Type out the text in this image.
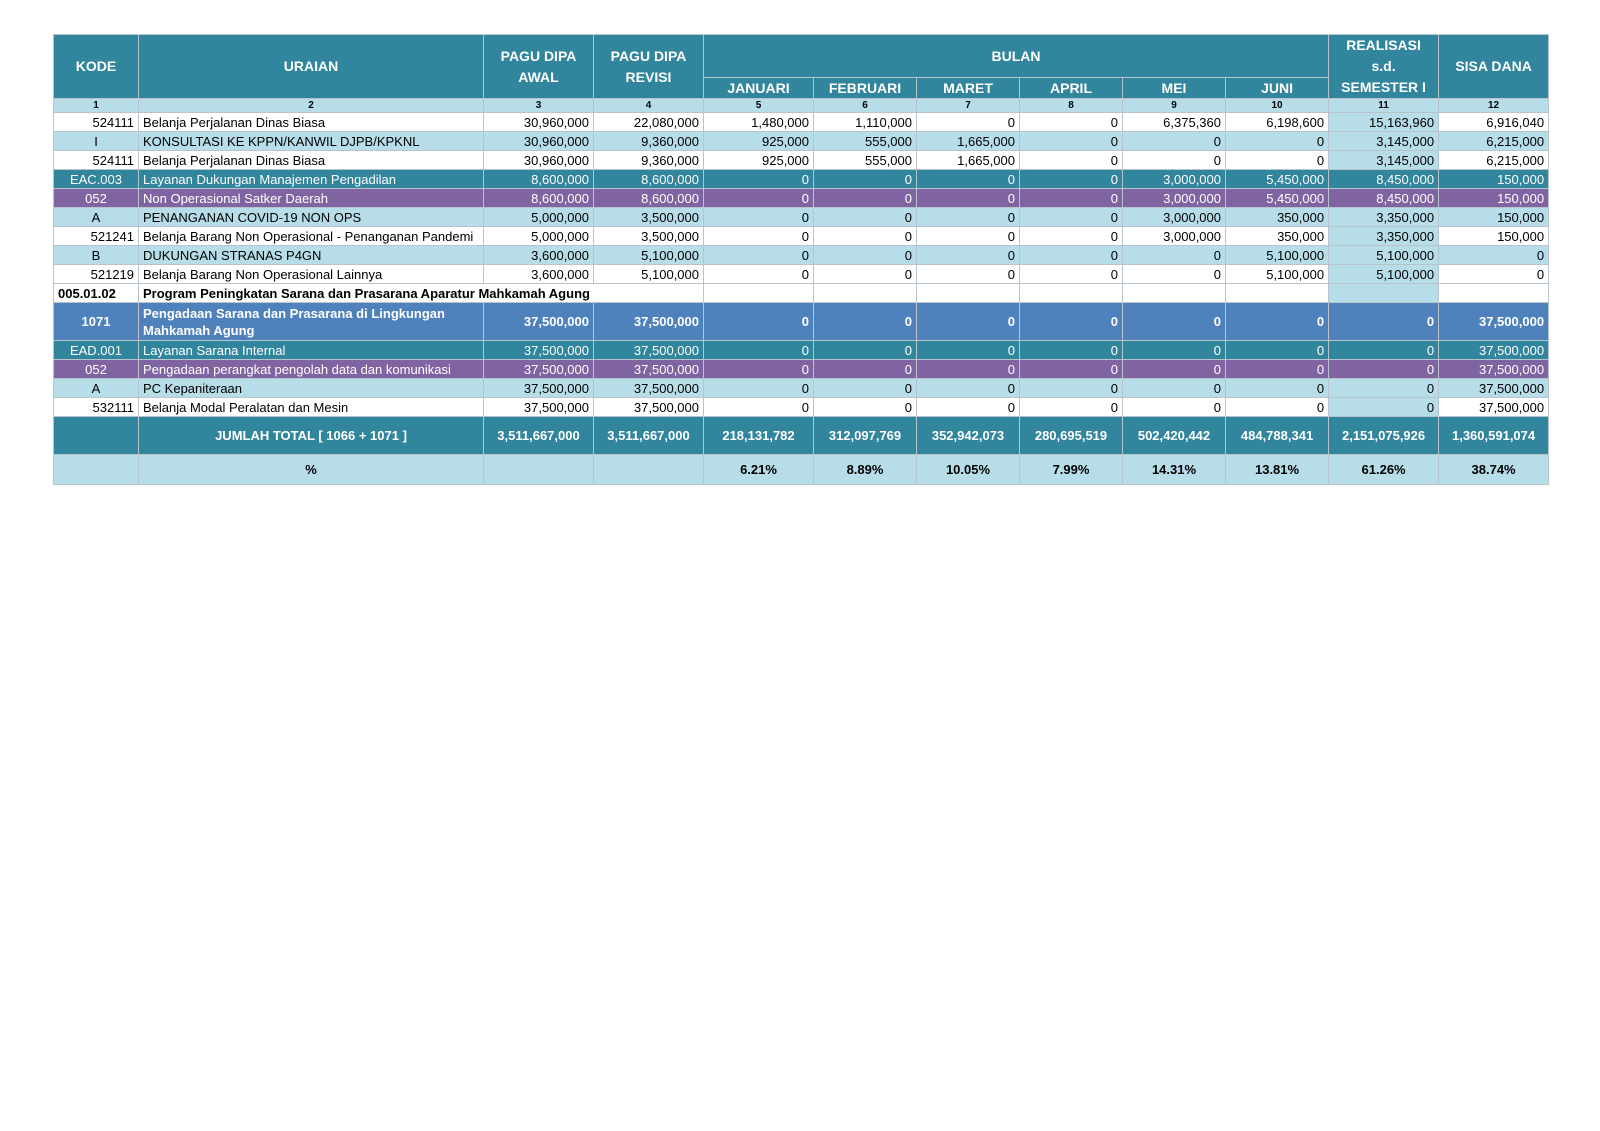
KODE	URAIAN	PAGU DIPA AWAL	PAGU DIPA REVISI	BULAN						REALISASI s.d. SEMESTER I	SISA DANA
				JANUARI	FEBRUARI	MARET	APRIL	MEI	JUNI		
1	2	3	4	5	6	7	8	9	10	11	12
524111	Belanja Perjalanan Dinas Biasa	30,960,000	22,080,000	1,480,000	1,110,000	0	0	6,375,360	6,198,600	15,163,960	6,916,040
I	KONSULTASI KE KPPN/KANWIL DJPB/KPKNL	30,960,000	9,360,000	925,000	555,000	1,665,000	0	0	0	3,145,000	6,215,000
524111	Belanja Perjalanan Dinas Biasa	30,960,000	9,360,000	925,000	555,000	1,665,000	0	0	0	3,145,000	6,215,000
EAC.003	Layanan Dukungan Manajemen Pengadilan	8,600,000	8,600,000	0	0	0	0	3,000,000	5,450,000	8,450,000	150,000
052	Non Operasional Satker Daerah	8,600,000	8,600,000	0	0	0	0	3,000,000	5,450,000	8,450,000	150,000
A	PENANGANAN COVID-19 NON OPS	5,000,000	3,500,000	0	0	0	0	3,000,000	350,000	3,350,000	150,000
521241	Belanja Barang Non Operasional - Penanganan Pandemi	5,000,000	3,500,000	0	0	0	0	3,000,000	350,000	3,350,000	150,000
B	DUKUNGAN STRANAS P4GN	3,600,000	5,100,000	0	0	0	0	0	5,100,000	5,100,000	0
521219	Belanja Barang Non Operasional Lainnya	3,600,000	5,100,000	0	0	0	0	0	5,100,000	5,100,000	0
005.01.02	Program Peningkatan Sarana dan Prasarana Aparatur Mahkamah Agung										
1071	Pengadaan Sarana dan Prasarana di Lingkungan Mahkamah Agung	37,500,000	37,500,000	0	0	0	0	0	0	0	37,500,000
EAD.001	Layanan Sarana Internal	37,500,000	37,500,000	0	0	0	0	0	0	0	37,500,000
052	Pengadaan perangkat pengolah data dan komunikasi	37,500,000	37,500,000	0	0	0	0	0	0	0	37,500,000
A	PC Kepaniteraan	37,500,000	37,500,000	0	0	0	0	0	0	0	37,500,000
532111	Belanja Modal Peralatan dan Mesin	37,500,000	37,500,000	0	0	0	0	0	0	0	37,500,000
	JUMLAH TOTAL [ 1066 + 1071 ]	3,511,667,000	3,511,667,000	218,131,782	312,097,769	352,942,073	280,695,519	502,420,442	484,788,341	2,151,075,926	1,360,591,074
	%			6.21%	8.89%	10.05%	7.99%	14.31%	13.81%	61.26%	38.74%
